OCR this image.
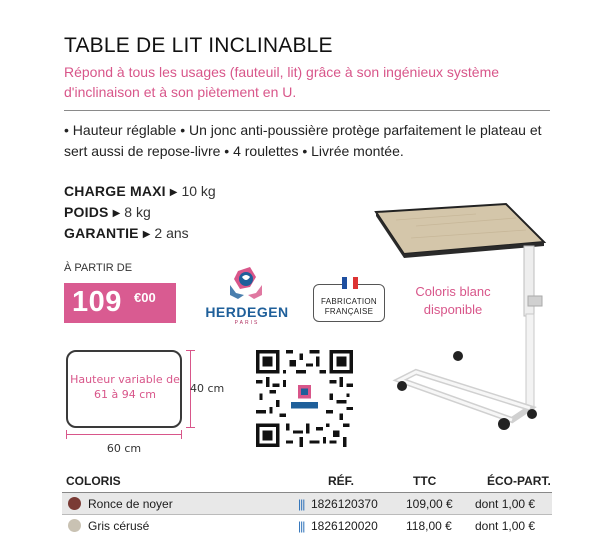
TABLE DE LIT INCLINABLE
Répond à tous les usages (fauteuil, lit) grâce à son ingénieux système d'inclinaison et à son piètement en U.
• Hauteur réglable • Un jonc anti-poussière protège parfaitement le plateau et sert aussi de repose-livre • 4 roulettes • Livrée montée.
CHARGE MAXI ▶ 10 kg
POIDS ▶ 8 kg
GARANTIE ▶ 2 ans
À PARTIR DE
109 €00
HERDEGEN
PARIS
FABRICATION
FRANÇAISE
Coloris blanc disponible
Hauteur variable de 61 à 94 cm	40 cm
60 cm
COLORIS	RÉF.	TTC	ÉCO-PART.
Ronce de noyer	||| 1826120370 109,00 € dont 1,00 €
Gris cérusé	||| 1826120020 118,00 € dont 1,00 €
